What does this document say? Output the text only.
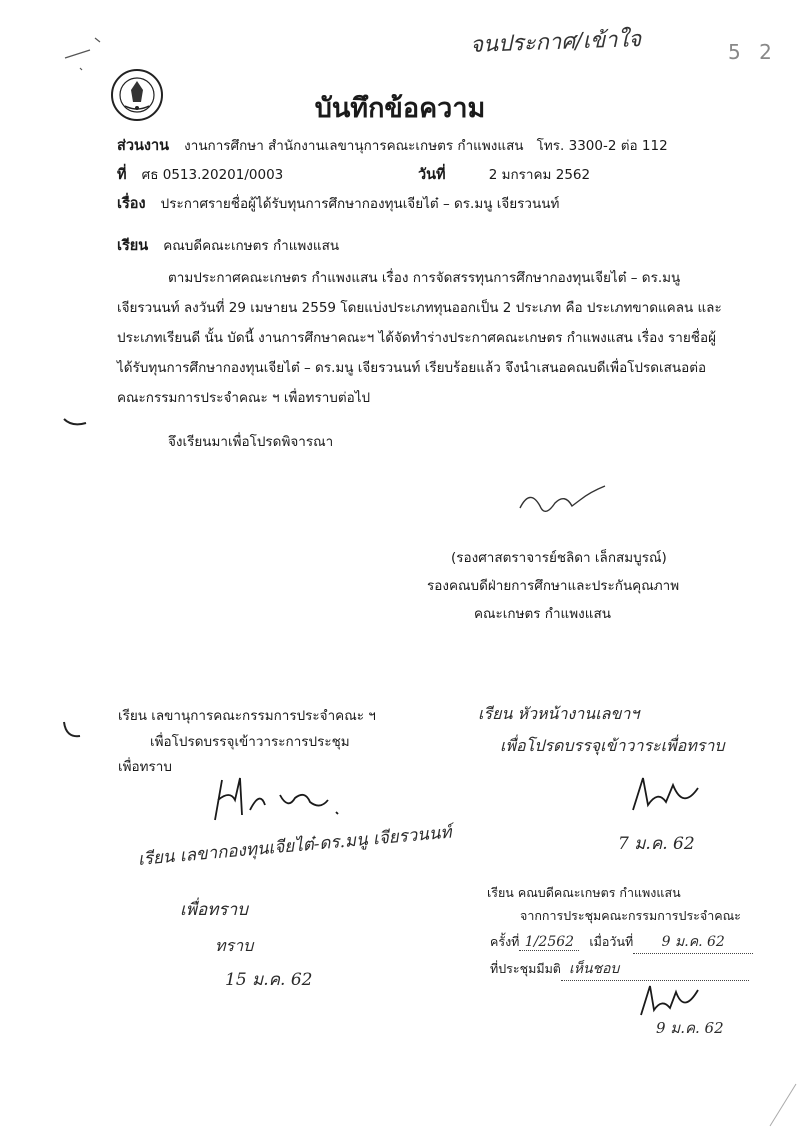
จนประกาศ/เข้าใจ	5 2
บันทึกข้อความ
ส่วนงาน งานการศึกษา สำนักงานเลขานุการคณะเกษตร กำแพงแสน โทร. 3300-2 ต่อ 112
ที่ ศธ 0513.20201/0003	วันที่	2 มกราคม 2562
เรื่อง ประกาศรายชื่อผู้ได้รับทุนการศึกษากองทุนเจียไต๋ – ดร.มนู เจียรวนนท์
เรียน คณบดีคณะเกษตร กำแพงแสน
ตามประกาศคณะเกษตร กำแพงแสน เรื่อง การจัดสรรทุนการศึกษากองทุนเจียไต๋ – ดร.มนู
เจียรวนนท์ ลงวันที่ 29 เมษายน 2559 โดยแบ่งประเภททุนออกเป็น 2 ประเภท คือ ประเภทขาดแคลน และ
ประเภทเรียนดี นั้น บัดนี้ งานการศึกษาคณะฯ ได้จัดทำร่างประกาศคณะเกษตร กำแพงแสน เรื่อง รายชื่อผู้
ได้รับทุนการศึกษากองทุนเจียไต๋ – ดร.มนู เจียรวนนท์ เรียบร้อยแล้ว จึงนำเสนอคณบดีเพื่อโปรดเสนอต่อ
คณะกรรมการประจำคณะ ฯ เพื่อทราบต่อไป
จึงเรียนมาเพื่อโปรดพิจารณา
(รองศาสตราจารย์ชลิดา เล็กสมบูรณ์)
รองคณบดีฝ่ายการศึกษาและประกันคุณภาพ
คณะเกษตร กำแพงแสน
เรียน เลขานุการคณะกรรมการประจำคณะ ฯ
เพื่อโปรดบรรจุเข้าวาระการประชุม
เพื่อทราบ
เรียน หัวหน้างานเลขาฯ
เพื่อโปรดบรรจุเข้าวาระเพื่อทราบ
7 ม.ค. 62
เรียน เลขากองทุนเจียไต๋-ดร.มนู เจียรวนนท์
เพื่อทราบ
ทราบ
15 ม.ค. 62
เรียน คณบดีคณะเกษตร กำแพงแสน
จากการประชุมคณะกรรมการประจำคณะ
ครั้งที่ 1/2562 เมื่อวันที่ 9 ม.ค. 62
ที่ประชุมมีมติ เห็นชอบ
9 ม.ค. 62
